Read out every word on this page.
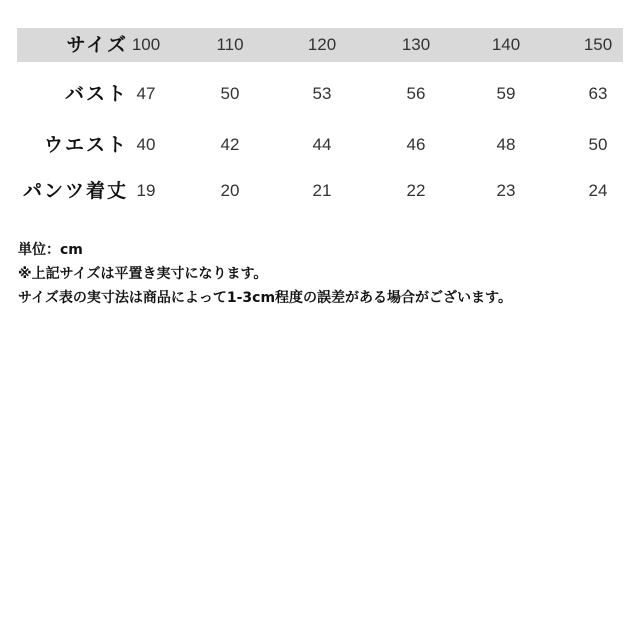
サイズ 100	110	120	130	140	150
バスト 47	50	53	56	59	63
ウエスト 40	42	44	46	48	50
パンツ着丈 19	20	21	22	23	24
単位：cm
※上記サイズは平置き実寸になります。
サイズ表の実寸法は商品によって1-3cm程度の誤差がある場合がございます。
